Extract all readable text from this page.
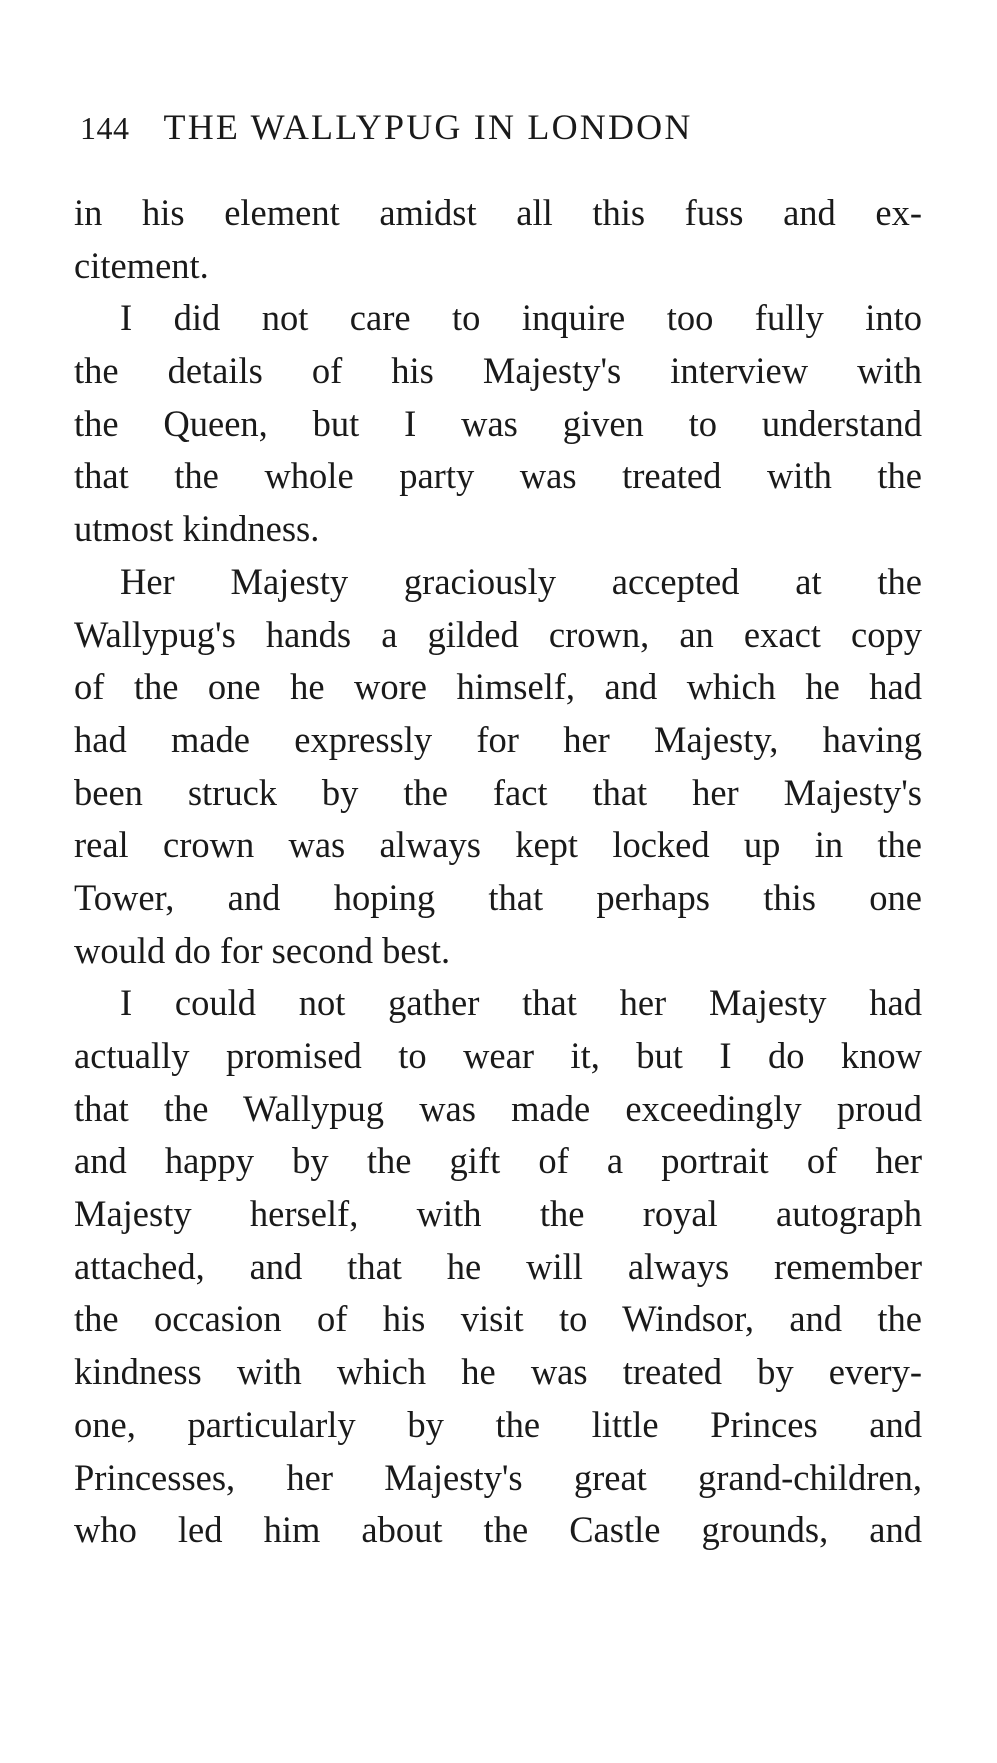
144 THE WALLYPUG IN LONDON
in his element amidst all this fuss and ex-
citement.
I did not care to inquire too fully into
the details of his Majesty's interview with
the Queen, but I was given to understand
that the whole party was treated with the
utmost kindness.
Her Majesty graciously accepted at the
Wallypug's hands a gilded crown, an exact copy
of the one he wore himself, and which he had
had made expressly for her Majesty, having
been struck by the fact that her Majesty's
real crown was always kept locked up in the
Tower, and hoping that perhaps this one
would do for second best.
I could not gather that her Majesty had
actually promised to wear it, but I do know
that the Wallypug was made exceedingly proud
and happy by the gift of a portrait of her
Majesty herself, with the royal autograph
attached, and that he will always remember
the occasion of his visit to Windsor, and the
kindness with which he was treated by every-
one, particularly by the little Princes and
Princesses, her Majesty's great grand-children,
who led him about the Castle grounds, and
